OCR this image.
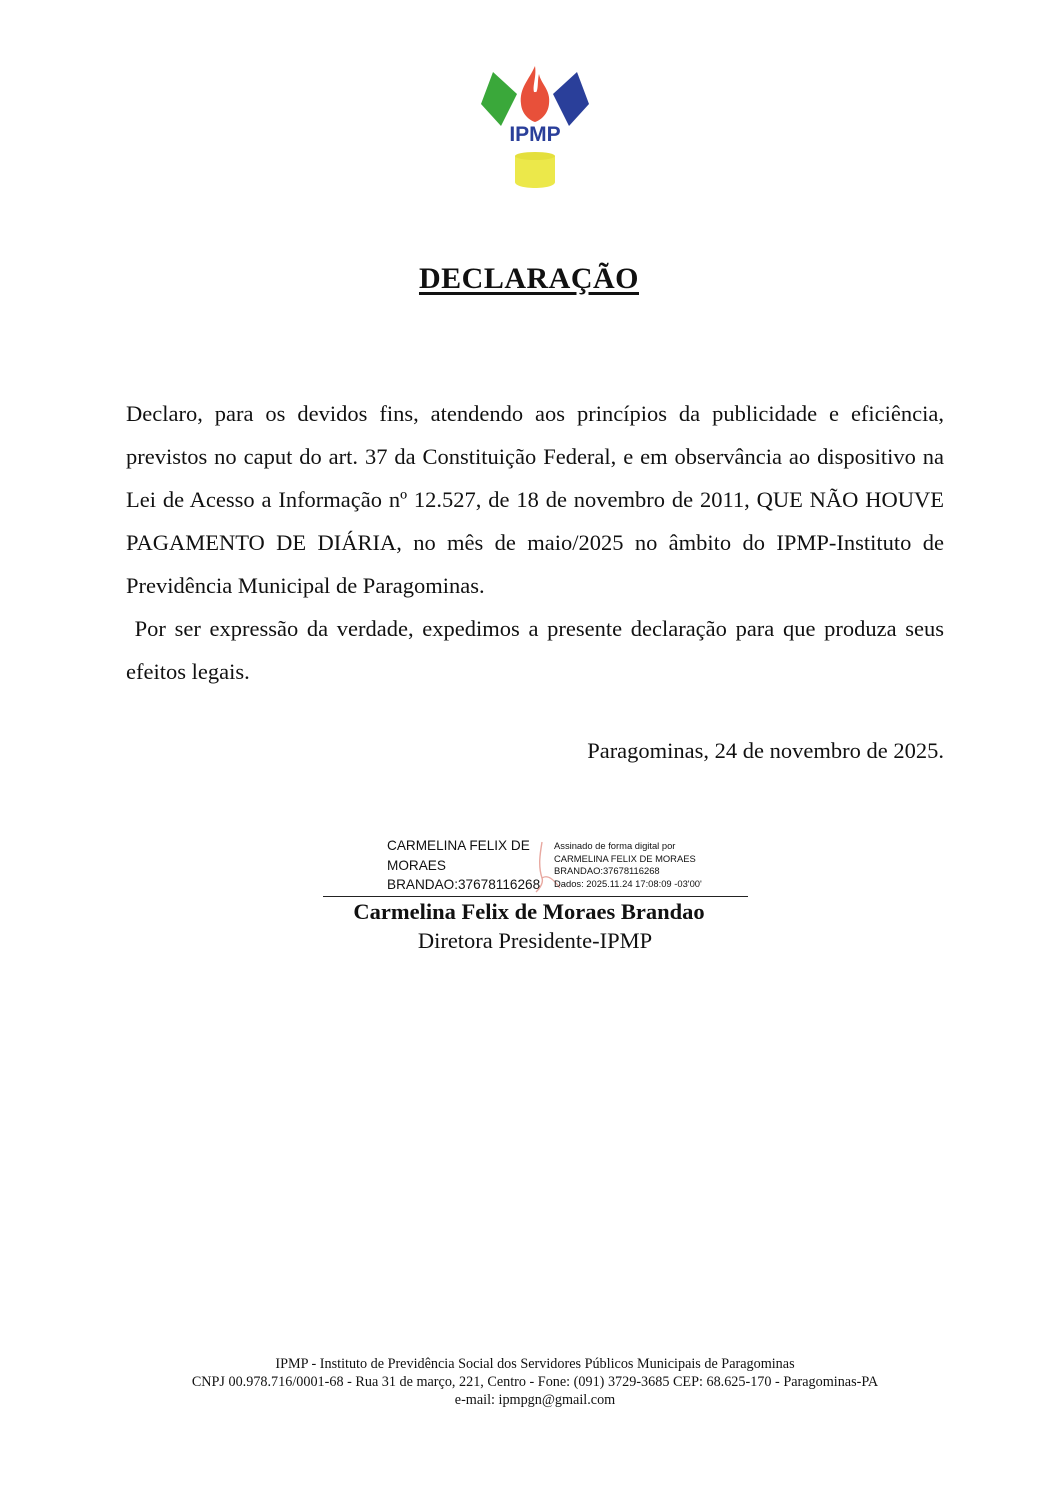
IPMP
DECLARAÇÃO

Declaro, para os devidos fins, atendendo aos princípios da publicidade e eficiência, previstos no caput do art. 37 da Constituição Federal, e em observância ao dispositivo na Lei de Acesso a Informação nº 12.527, de 18 de novembro de 2011, QUE NÃO HOUVE PAGAMENTO DE DIÁRIA, no mês de maio/2025 no âmbito do IPMP-Instituto de Previdência Municipal de Paragominas.

Por ser expressão da verdade, expedimos a presente declaração para que produza seus efeitos legais.

Paragominas, 24 de novembro de 2025.

CARMELINA FELIX DE
MORAES
BRANDAO:37678116268
Assinado de forma digital por
CARMELINA FELIX DE MORAES
BRANDAO:37678116268
Dados: 2025.11.24 17:08:09 -03'00'

Carmelina Felix de Moraes Brandao

Diretora Presidente-IPMP

IPMP - Instituto de Previdência Social dos Servidores Públicos Municipais de Paragominas
CNPJ 00.978.716/0001-68 - Rua 31 de março, 221, Centro - Fone: (091) 3729-3685 CEP: 68.625-170 - Paragominas-PA
e-mail: ipmpgn@gmail.com
